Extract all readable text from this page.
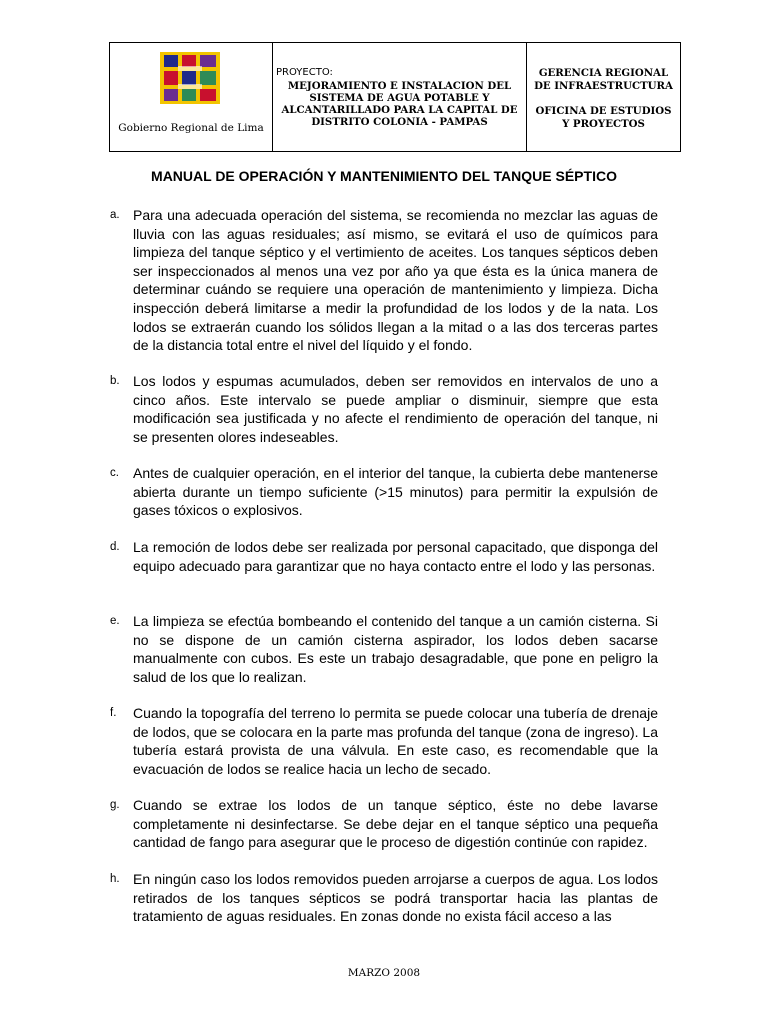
Gobierno Regional de Lima
MEJORAMIENTO E INSTALACION DEL
SISTEMA DE AGUA POTABLE Y
ALCANTARILLADO PARA LA CAPITAL DE
DISTRITO COLONIA - PAMPAS
GERENCIA REGIONAL
DE INFRAESTRUCTURA
OFICINA DE ESTUDIOS
Y PROYECTOS
PROYECTO:
MANUAL DE OPERACIÓN Y MANTENIMIENTO DEL TANQUE SÉPTICO
a. Para una adecuada operación del sistema, se recomienda no mezclar las aguas de lluvia con las aguas residuales; así mismo, se evitará el uso de químicos para limpieza del tanque séptico y el vertimiento de aceites. Los tanques sépticos deben ser inspeccionados al menos una vez por año ya que ésta es la única manera de determinar cuándo se requiere una operación de mantenimiento y limpieza. Dicha inspección deberá limitarse a medir la profundidad de los lodos y de la nata. Los lodos se extraerán cuando los sólidos llegan a la mitad o a las dos terceras partes de la distancia total entre el nivel del líquido y el fondo.
b. Los lodos y espumas acumulados, deben ser removidos en intervalos de uno a cinco años. Este intervalo se puede ampliar o disminuir, siempre que esta modificación sea justificada y no afecte el rendimiento de operación del tanque, ni se presenten olores indeseables.
c. Antes de cualquier operación, en el interior del tanque, la cubierta debe mantenerse abierta durante un tiempo suficiente (>15 minutos) para permitir la expulsión de gases tóxicos o explosivos.
d. La remoción de lodos debe ser realizada por personal capacitado, que disponga del equipo adecuado para garantizar que no haya contacto entre el lodo y las personas.
e. La limpieza se efectúa bombeando el contenido del tanque a un camión cisterna. Si no se dispone de un camión cisterna aspirador, los lodos deben sacarse manualmente con cubos. Es este un trabajo desagradable, que pone en peligro la salud de los que lo realizan.
f. Cuando la topografía del terreno lo permita se puede colocar una tubería de drenaje de lodos, que se colocara en la parte mas profunda del tanque (zona de ingreso). La tubería estará provista de una válvula. En este caso, es recomendable que la evacuación de lodos se realice hacia un lecho de secado.
g. Cuando se extrae los lodos de un tanque séptico, éste no debe lavarse completamente ni desinfectarse. Se debe dejar en el tanque séptico una pequeña cantidad de fango para asegurar que le proceso de digestión continúe con rapidez.
h. En ningún caso los lodos removidos pueden arrojarse a cuerpos de agua. Los lodos retirados de los tanques sépticos se podrá transportar hacia las plantas de tratamiento de aguas residuales. En zonas donde no exista fácil acceso a las
MARZO 2008
